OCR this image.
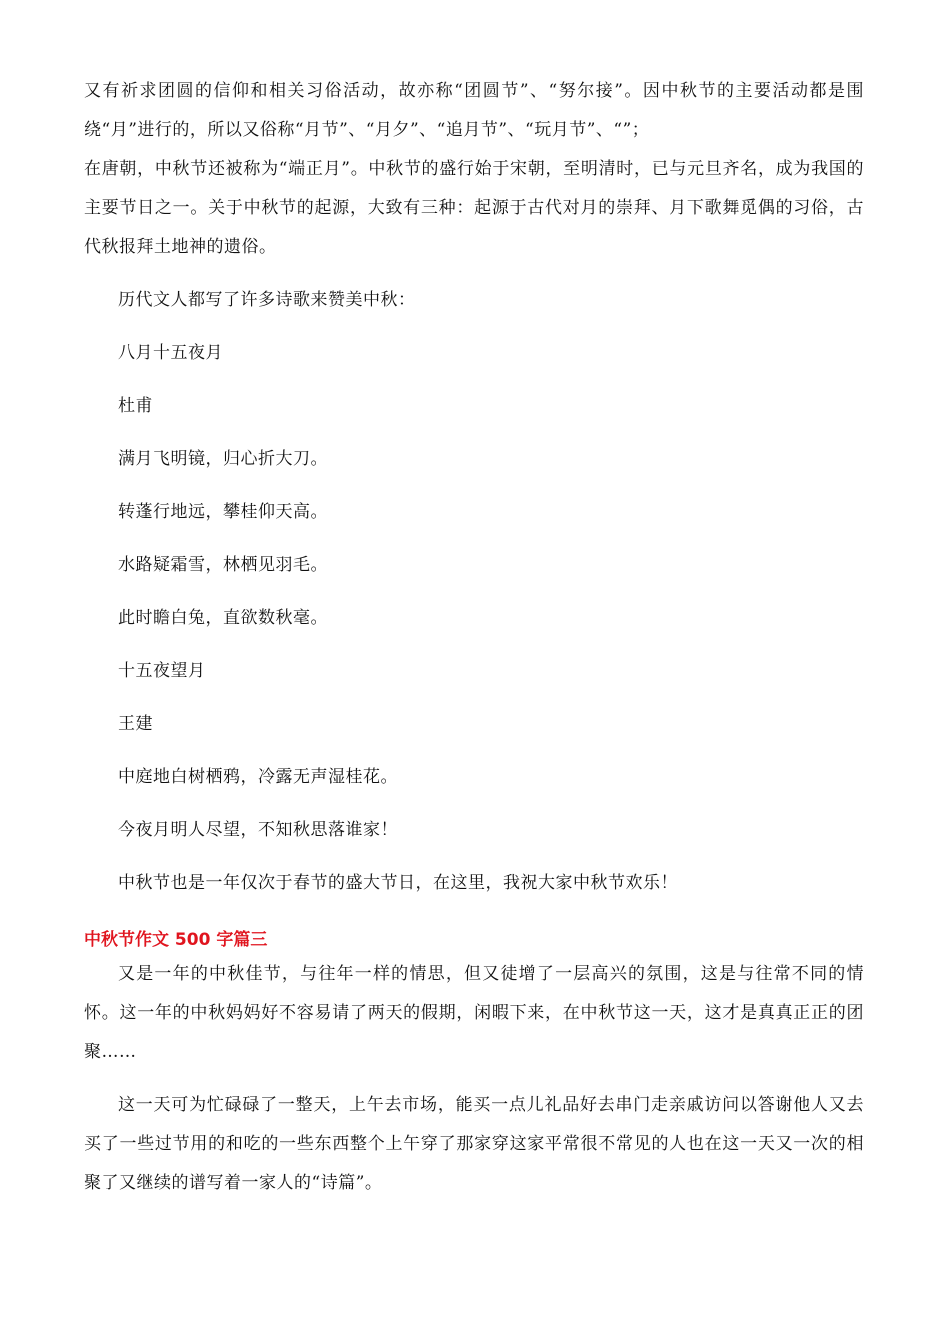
又有祈求团圆的信仰和相关习俗活动，故亦称“团圆节”、“努尔接”。因中秋节的主要活动都是围绕“月”进行的，所以又俗称“月节”、“月夕”、“追月节”、“玩月节”、“”；

在唐朝，中秋节还被称为“端正月”。中秋节的盛行始于宋朝，至明清时，已与元旦齐名，成为我国的主要节日之一。关于中秋节的起源，大致有三种：起源于古代对月的崇拜、月下歌舞觅偶的习俗，古代秋报拜土地神的遗俗。

历代文人都写了许多诗歌来赞美中秋：

八月十五夜月

杜甫

满月飞明镜，归心折大刀。

转蓬行地远，攀桂仰天高。

水路疑霜雪，林栖见羽毛。

此时瞻白兔，直欲数秋毫。

十五夜望月

王建

中庭地白树栖鸦，冷露无声湿桂花。

今夜月明人尽望，不知秋思落谁家！

中秋节也是一年仅次于春节的盛大节日，在这里，我祝大家中秋节欢乐！

中秋节作文 500 字篇三

又是一年的中秋佳节，与往年一样的情思，但又徒增了一层高兴的氛围，这是与往常不同的情怀。这一年的中秋妈妈好不容易请了两天的假期，闲暇下来，在中秋节这一天，这才是真真正正的团聚……

这一天可为忙碌碌了一整天，上午去市场，能买一点儿礼品好去串门走亲戚访问以答谢他人又去买了一些过节用的和吃的一些东西整个上午穿了那家穿这家平常很不常见的人也在这一天又一次的相聚了又继续的谱写着一家人的“诗篇”。
